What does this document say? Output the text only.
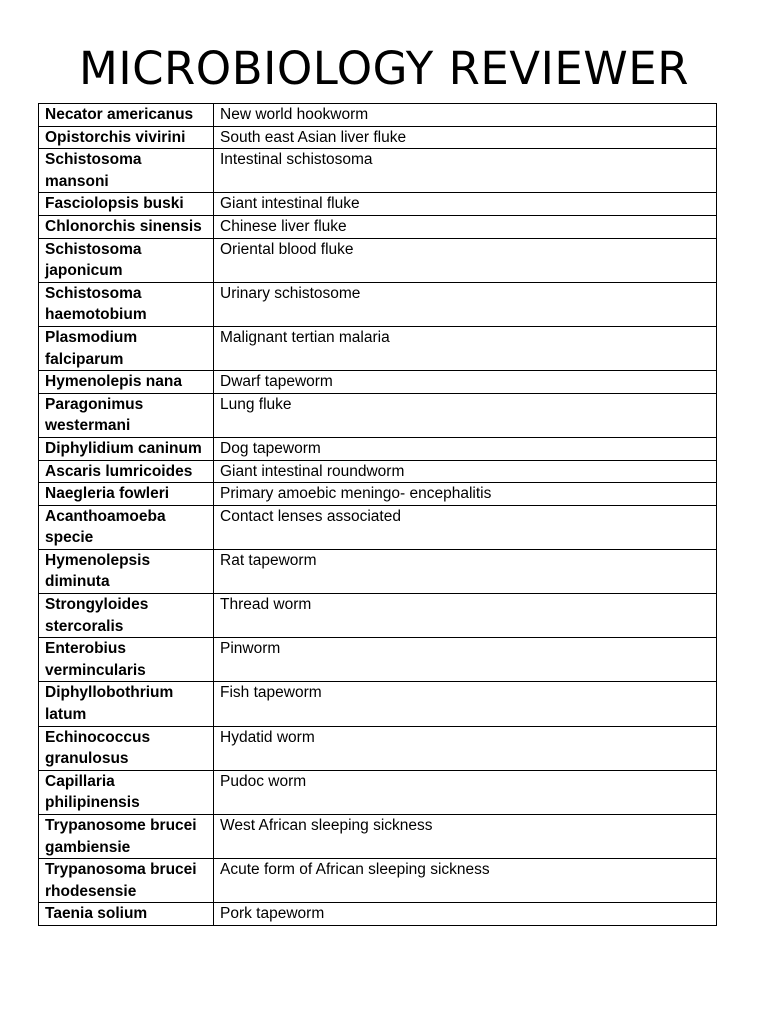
MICROBIOLOGY REVIEWER
Necator americanus	New world hookworm
Opistorchis vivirini	South east Asian liver fluke
Schistosoma mansoni	Intestinal schistosoma
Fasciolopsis buski	Giant intestinal fluke
Chlonorchis sinensis	Chinese liver fluke
Schistosoma japonicum	Oriental blood fluke
Schistosoma haemotobium	Urinary schistosome
Plasmodium falciparum	Malignant tertian malaria
Hymenolepis nana	Dwarf tapeworm
Paragonimus westermani	Lung fluke
Diphylidium caninum	Dog tapeworm
Ascaris lumricoides	Giant intestinal roundworm
Naegleria fowleri	Primary amoebic meningo- encephalitis
Acanthoamoeba specie	Contact lenses associated
Hymenolepsis diminuta	Rat tapeworm
Strongyloides stercoralis	Thread worm
Enterobius vermincularis	Pinworm
Diphyllobothrium latum	Fish tapeworm
Echinococcus granulosus	Hydatid worm
Capillaria philipinensis	Pudoc worm
Trypanosome brucei gambiensie	West African sleeping sickness
Trypanosoma brucei rhodesensie	Acute form of African sleeping sickness
Taenia solium	Pork tapeworm
